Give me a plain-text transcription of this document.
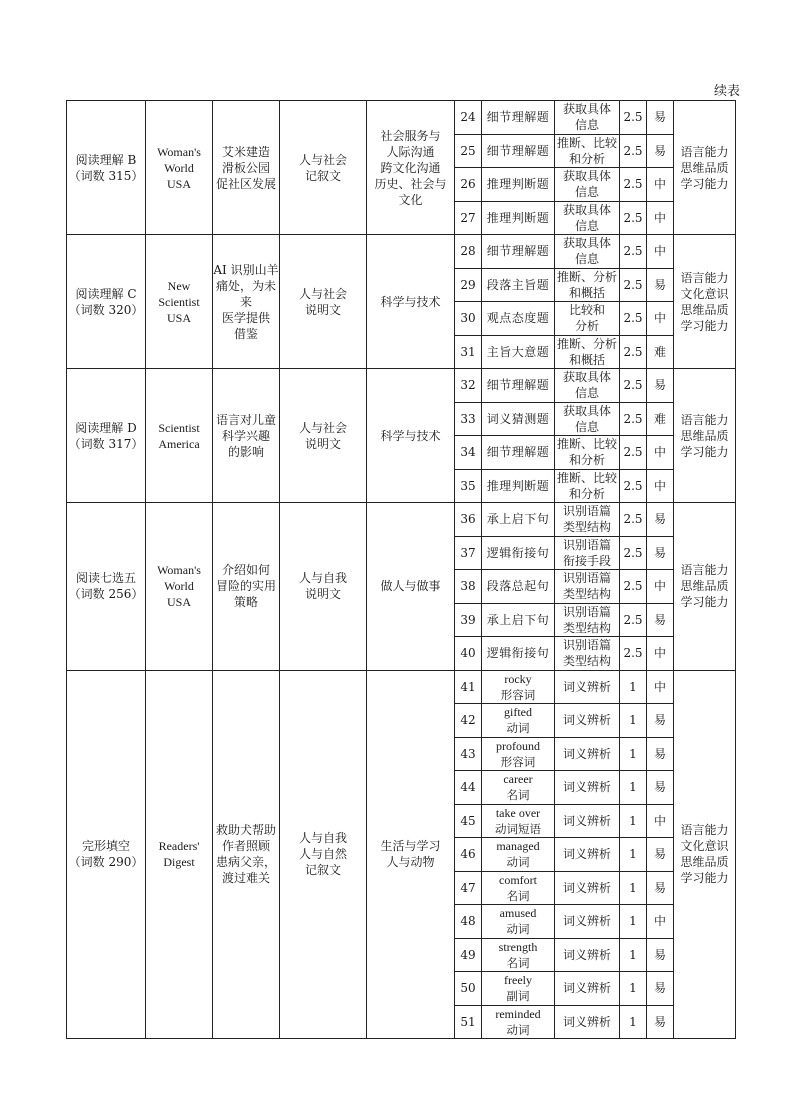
续表
阅读理解 B
（词数 315）	Woman's
World
USA	艾米建造
滑板公园
促社区发展	人与社会
记叙文	社会服务与
人际沟通
跨文化沟通
历史、社会与
文化	24	细节理解题	获取具体
信息	2.5	易	语言能力
思维品质
学习能力

					25	细节理解题	推断、比较
和分析	2.5	易	
					26	推理判断题	获取具体
信息	2.5	中	
					27	推理判断题	获取具体
信息	2.5	中	

阅读理解 C
（词数 320）	New
Scientist
USA	AI 识别山羊
痛处，为未来
医学提供
借鉴	人与社会
说明文	科学与技术	28	细节理解题	获取具体
信息	2.5	中	语言能力
文化意识
思维品质
学习能力

					29	段落主旨题	推断、分析
和概括	2.5	易	
					30	观点态度题	比较和
分析	2.5	中	
					31	主旨大意题	推断、分析
和概括	2.5	难	

阅读理解 D
（词数 317）	Scientist
America	语言对儿童
科学兴趣
的影响	人与社会
说明文	科学与技术	32	细节理解题	获取具体
信息	2.5	易	语言能力
思维品质
学习能力

					33	词义猜测题	获取具体
信息	2.5	难	
					34	细节理解题	推断、比较
和分析	2.5	中	
					35	推理判断题	推断、比较
和分析	2.5	中	

阅读七选五
（词数 256）	Woman's
World
USA	介绍如何
冒险的实用
策略	人与自我
说明文	做人与做事	36	承上启下句	识别语篇
类型结构	2.5	易	语言能力
思维品质
学习能力

					37	逻辑衔接句	识别语篇
衔接手段	2.5	易	
					38	段落总起句	识别语篇
类型结构	2.5	中	
					39	承上启下句	识别语篇
类型结构	2.5	易	
					40	逻辑衔接句	识别语篇
类型结构	2.5	中	

完形填空
（词数 290）	Readers'
Digest	救助犬帮助
作者照顾
患病父亲，
渡过难关	人与自我
人与自然
记叙文	生活与学习
人与动物	41	rocky
形容词	词义辨析	1	中	语言能力
文化意识
思维品质
学习能力

					42	gifted
动词	词义辨析	1	易	
					43	profound
形容词	词义辨析	1	易	
					44	career
名词	词义辨析	1	易	
					45	take over
动词短语	词义辨析	1	中	
					46	managed
动词	词义辨析	1	易	
					47	comfort
名词	词义辨析	1	易	
					48	amused
动词	词义辨析	1	中	
					49	strength
名词	词义辨析	1	易	
					50	freely
副词	词义辨析	1	易	
					51	reminded
动词	词义辨析	1	易	
